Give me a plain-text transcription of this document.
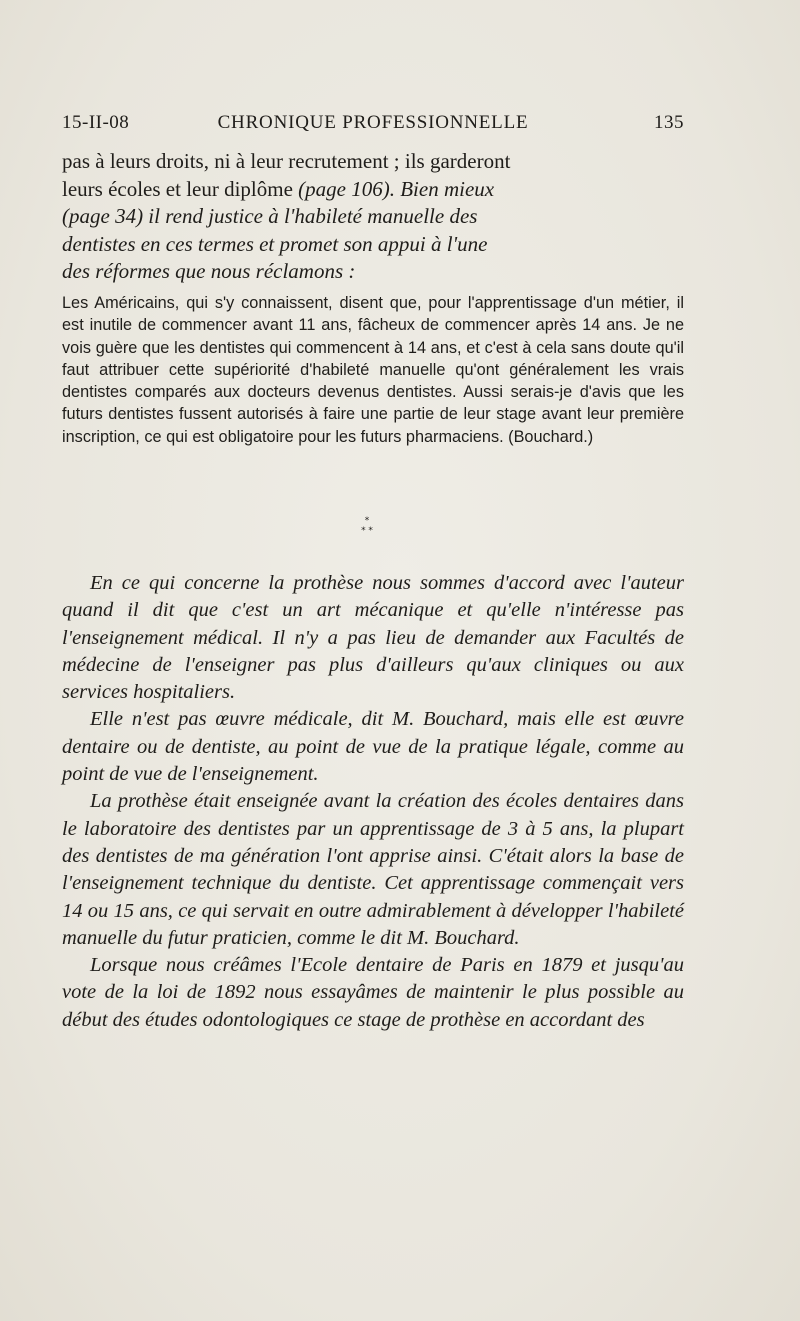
15-II-08	CHRONIQUE PROFESSIONNELLE	135
pas à leurs droits, ni à leur recrutement ; ils garderont
leurs écoles et leur diplôme (page 106). Bien mieux
(page 34) il rend justice à l'habileté manuelle des
dentistes en ces termes et promet son appui à l'une
des réformes que nous réclamons :

Les Américains, qui s'y connaissent, disent que, pour l'apprentissage d'un métier, il est inutile de commencer avant 11 ans, fâcheux de commencer après 14 ans. Je ne vois guère que les dentistes qui commencent à 14 ans, et c'est à cela sans doute qu'il faut attribuer cette supériorité d'habileté manuelle qu'ont généralement les vrais dentistes comparés aux docteurs devenus dentistes. Aussi serais-je d'avis que les futurs dentistes fussent autorisés à faire une partie de leur stage avant leur première inscription, ce qui est obligatoire pour les futurs pharmaciens. (Bouchard.)

*
* *

En ce qui concerne la prothèse nous sommes d'accord avec l'auteur quand il dit que c'est un art mécanique et qu'elle n'intéresse pas l'enseignement médical. Il n'y a pas lieu de demander aux Facultés de médecine de l'enseigner pas plus d'ailleurs qu'aux cliniques ou aux services hospitaliers.

Elle n'est pas œuvre médicale, dit M. Bouchard, mais elle est œuvre dentaire ou de dentiste, au point de vue de la pratique légale, comme au point de vue de l'enseignement.

La prothèse était enseignée avant la création des écoles dentaires dans le laboratoire des dentistes par un apprentissage de 3 à 5 ans, la plupart des dentistes de ma génération l'ont apprise ainsi. C'était alors la base de l'enseignement technique du dentiste. Cet apprentissage commençait vers 14 ou 15 ans, ce qui servait en outre admirablement à développer l'habileté manuelle du futur praticien, comme le dit M. Bouchard.

Lorsque nous créâmes l'Ecole dentaire de Paris en 1879 et jusqu'au vote de la loi de 1892 nous essayâmes de maintenir le plus possible au début des études odontologiques ce stage de prothèse en accordant des
